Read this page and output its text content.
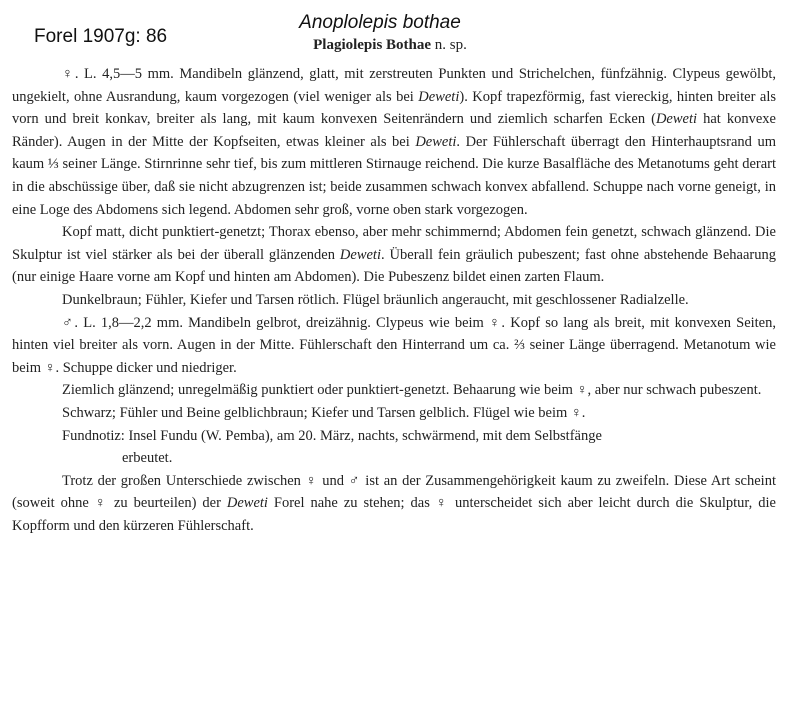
Forel 1907g: 86
Anoplolepis bothae
Plagiolepis Bothae n. sp.

♀. L. 4,5—5 mm. Mandibeln glänzend, glatt, mit zerstreuten Punkten und Strichelchen, fünfzähnig. Clypeus gewölbt, ungekielt, ohne Ausrandung, kaum vorgezogen (viel weniger als bei Deweti). Kopf trapezförmig, fast viereckig, hinten breiter als vorn und breit konkav, breiter als lang, mit kaum konvexen Seitenrändern und ziemlich scharfen Ecken (Deweti hat konvexe Ränder). Augen in der Mitte der Kopfseiten, etwas kleiner als bei Deweti. Der Fühlerschaft überragt den Hinterhauptsrand um kaum ⅓ seiner Länge. Stirnrinne sehr tief, bis zum mittleren Stirnauge reichend. Die kurze Basalfläche des Metanotums geht derart in die abschüssige über, daß sie nicht abzugrenzen ist; beide zusammen schwach konvex abfallend. Schuppe nach vorne geneigt, in eine Loge des Abdomens sich legend. Abdomen sehr groß, vorne oben stark vorgezogen.

Kopf matt, dicht punktiert-genetzt; Thorax ebenso, aber mehr schimmernd; Abdomen fein genetzt, schwach glänzend. Die Skulptur ist viel stärker als bei der überall glänzenden Deweti. Überall fein gräulich pubeszent; fast ohne abstehende Behaarung (nur einige Haare vorne am Kopf und hinten am Abdomen). Die Pubeszenz bildet einen zarten Flaum.

Dunkelbraun; Fühler, Kiefer und Tarsen rötlich. Flügel bräunlich angeraucht, mit geschlossener Radialzelle.

♂. L. 1,8—2,2 mm. Mandibeln gelbrot, dreizähnig. Clypeus wie beim ♀. Kopf so lang als breit, mit konvexen Seiten, hinten viel breiter als vorn. Augen in der Mitte. Fühlerschaft den Hinterrand um ca. ⅔ seiner Länge überragend. Metanotum wie beim ♀. Schuppe dicker und niedriger.

Ziemlich glänzend; unregelmäßig punktiert oder punktiert-genetzt. Behaarung wie beim ♀, aber nur schwach pubeszent.

Schwarz; Fühler und Beine gelblichbraun; Kiefer und Tarsen gelblich. Flügel wie beim ♀.

Fundnotiz: Insel Fundu (W. Pemba), am 20. März, nachts, schwärmend, mit dem Selbstfänge
erbeutet.

Trotz der großen Unterschiede zwischen ♀ und ♂ ist an der Zusammengehörigkeit kaum zu zweifeln. Diese Art scheint (soweit ohne ♀ zu beurteilen) der Deweti Forel nahe zu stehen; das ♀ unterscheidet sich aber leicht durch die Skulptur, die Kopfform und den kürzeren Fühlerschaft.
